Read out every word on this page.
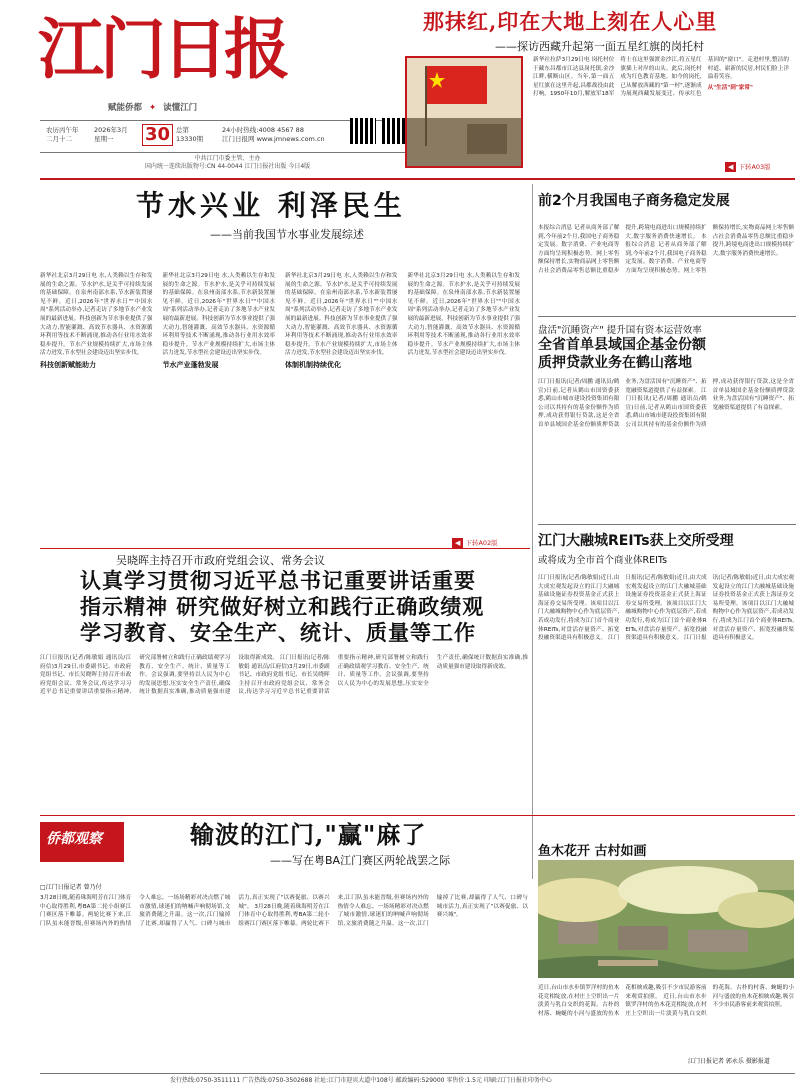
江门日报
赋能侨都 ✦ 读懂江门
农历丙午年
二月十二
2026年3月
星期一	30 总第
13330期
24小时热线:4008 4567 88
江门日报网 www.jmnews.com.cn
中共江门市委主管、主办
国内统一连续出版物号:CN 44-0044 江门日报社出版 今日4版
那抹红,印在大地上刻在人心里
——探访西藏升起第一面五星红旗的岗托村
新华社拉萨3月29日电 岗托村位于藏东昌都市江达县岗托镇,金沙江畔,横断山区。当年,第一面五星红旗在这里升起,昌都战役由此打响。1950年10月,解放军18军将士在这里强渡金沙江,将五星红旗插上对岸的山头。此后,岗托村成为红色教育基地。如今的岗托,已从解放西藏的"第一村",逐渐成为展现西藏发展变迁、传承红色基因的"窗口"。走进村里,整洁的村道、崭新的民居,村民们脸上洋溢着笑容。
从"生活"到"家常"
◀ 下转A03版
节水兴业 利泽民生
——当前我国节水事业发展综述
新华社北京3月29日电 水,人类赖以生存和发展的生命之源。节水护水,是关乎可持续发展的基础保障。在泉州南部水系,节水新装置屡见不鲜。近日,2026年"世界水日""中国水周"系列活动举办,记者走访了多地节水产业发展的最新进展。科技创新为节水事业提供了强大动力,智能灌溉、高效节水器具、水资源循环利用等技术不断涌现,推动各行业用水效率稳步提升。节水产业规模持续扩大,市场主体活力迸发,节水型社会建设迈出坚实步伐。
科技创新赋能助力
新华社北京3月29日电 水,人类赖以生存和发展的生命之源。节水护水,是关乎可持续发展的基础保障。在泉州南部水系,节水新装置屡见不鲜。近日,2026年"世界水日""中国水周"系列活动举办,记者走访了多地节水产业发展的最新进展。科技创新为节水事业提供了强大动力,智能灌溉、高效节水器具、水资源循环利用等技术不断涌现,推动各行业用水效率稳步提升。节水产业规模持续扩大,市场主体活力迸发,节水型社会建设迈出坚实步伐。
节水产业蓬勃发展
新华社北京3月29日电 水,人类赖以生存和发展的生命之源。节水护水,是关乎可持续发展的基础保障。在泉州南部水系,节水新装置屡见不鲜。近日,2026年"世界水日""中国水周"系列活动举办,记者走访了多地节水产业发展的最新进展。科技创新为节水事业提供了强大动力,智能灌溉、高效节水器具、水资源循环利用等技术不断涌现,推动各行业用水效率稳步提升。节水产业规模持续扩大,市场主体活力迸发,节水型社会建设迈出坚实步伐。
体制机制持续优化
新华社北京3月29日电 水,人类赖以生存和发展的生命之源。节水护水,是关乎可持续发展的基础保障。在泉州南部水系,节水新装置屡见不鲜。近日,2026年"世界水日""中国水周"系列活动举办,记者走访了多地节水产业发展的最新进展。科技创新为节水事业提供了强大动力,智能灌溉、高效节水器具、水资源循环利用等技术不断涌现,推动各行业用水效率稳步提升。节水产业规模持续扩大,市场主体活力迸发,节水型社会建设迈出坚实步伐。
◀ 下转A02版
吴晓晖主持召开市政府党组会议、常务会议
认真学习贯彻习近平总书记重要讲话重要
指示精神 研究做好树立和践行正确政绩观
学习教育、安全生产、统计、质量等工作
江门日报讯(记者/陈敏娟 通讯员/江府信)3月29日,市委副书记、市政府党组书记、市长吴晓晖主持召开市政府党组会议、常务会议,传达学习习近平总书记重要讲话重要指示精神,研究部署树立和践行正确政绩观学习教育、安全生产、统计、质量等工作。会议强调,要坚持以人民为中心的发展思想,压实安全生产责任,确保统计数据真实准确,推动质量强市建设取得新成效。 江门日报讯(记者/陈敏娟 通讯员/江府信)3月29日,市委副书记、市政府党组书记、市长吴晓晖主持召开市政府党组会议、常务会议,传达学习习近平总书记重要讲话重要指示精神,研究部署树立和践行正确政绩观学习教育、安全生产、统计、质量等工作。会议强调,要坚持以人民为中心的发展思想,压实安全生产责任,确保统计数据真实准确,推动质量强市建设取得新成效。
侨都观察	输波的江门,"赢"麻了
——写在粤BA江门赛区两轮战罢之际
□江门日报记者 曾乃付
3月28日晚,随着珠海明芳在江门体育中心取得胜利,粤BA第二轮小组赛江门赛区落下帷幕。两轮比赛下来,江门队虽未能晋级,但赛场内外的热情令人难忘。一场场精彩对决点燃了城市激情,球迷们的呐喊声响彻场馆,文旅消费随之升温。这一次,江门输掉了比赛,却赢得了人气、口碑与城市活力,真正实现了"以赛促旅、以赛兴城"。 3月28日晚,随着珠海明芳在江门体育中心取得胜利,粤BA第二轮小组赛江门赛区落下帷幕。两轮比赛下来,江门队虽未能晋级,但赛场内外的热情令人难忘。一场场精彩对决点燃了城市激情,球迷们的呐喊声响彻场馆,文旅消费随之升温。这一次,江门输掉了比赛,却赢得了人气、口碑与城市活力,真正实现了"以赛促旅、以赛兴城"。
前2个月我国电子商务稳定发展
本报综合消息 记者从商务部了解到,今年前2个月,我国电子商务稳定发展。数字消费、产业电商等方面均呈现积极态势。网上零售额保持增长,实物商品网上零售额占社会消费品零售总额比重稳步提升,跨境电商进出口规模持续扩大,数字服务消费快速增长。 本报综合消息 记者从商务部了解到,今年前2个月,我国电子商务稳定发展。数字消费、产业电商等方面均呈现积极态势。网上零售额保持增长,实物商品网上零售额占社会消费品零售总额比重稳步提升,跨境电商进出口规模持续扩大,数字服务消费快速增长。
盘活"沉睡资产" 提升国有资本运营效率
全省首单县域国企基金份额
质押贷款业务在鹤山落地
江门日报讯(记者/周鹏 通讯员/鹤宣)日前,记者从鹤山市国资委获悉,鹤山市城市建设投资集团有限公司以其持有的基金份额作为质押,成功获得银行贷款,这是全省首单县域国企基金份额质押贷款业务,为盘活国有"沉睡资产"、拓宽融资渠道提供了有益探索。 江门日报讯(记者/周鹏 通讯员/鹤宣)日前,记者从鹤山市国资委获悉,鹤山市城市建设投资集团有限公司以其持有的基金份额作为质押,成功获得银行贷款,这是全省首单县域国企基金份额质押贷款业务,为盘活国有"沉睡资产"、拓宽融资渠道提供了有益探索。
江门大融城REITs获上交所受理
或将成为全市首个商业体REITs
江门日报讯(记者/陈敏娟)近日,由大成宏观发起设立的江门大融城基础设施证券投资基金正式获上海证券交易所受理。该项目以江门大融城购物中心作为底层资产,若成功发行,将成为江门首个商业体REITs,对盘活存量资产、拓宽投融资渠道具有积极意义。 江门日报讯(记者/陈敏娟)近日,由大成宏观发起设立的江门大融城基础设施证券投资基金正式获上海证券交易所受理。该项目以江门大融城购物中心作为底层资产,若成功发行,将成为江门首个商业体REITs,对盘活存量资产、拓宽投融资渠道具有积极意义。 江门日报讯(记者/陈敏娟)近日,由大成宏观发起设立的江门大融城基础设施证券投资基金正式获上海证券交易所受理。该项目以江门大融城购物中心作为底层资产,若成功发行,将成为江门首个商业体REITs,对盘活存量资产、拓宽投融资渠道具有积极意义。
鱼木花开 古村如画
近日,台山市水步镇罗洋村的鱼木花竞相绽放,在村庄上空织出一片淡黄与乳白交织的花海。古朴的村落、蜿蜒的小河与盛放的鱼木花相映成趣,吸引不少市民游客前来观赏拍照。 近日,台山市水步镇罗洋村的鱼木花竞相绽放,在村庄上空织出一片淡黄与乳白交织的花海。古朴的村落、蜿蜒的小河与盛放的鱼木花相映成趣,吸引不少市民游客前来观赏拍照。
江门日报记者 郭永乐 摄影报道
发行热线:0750-3511111 广告热线:0750-3502688 社址:江门市迎宾大道中108号 邮政编码:529000 零售价:1.5元 印刷:江门日报社印务中心
